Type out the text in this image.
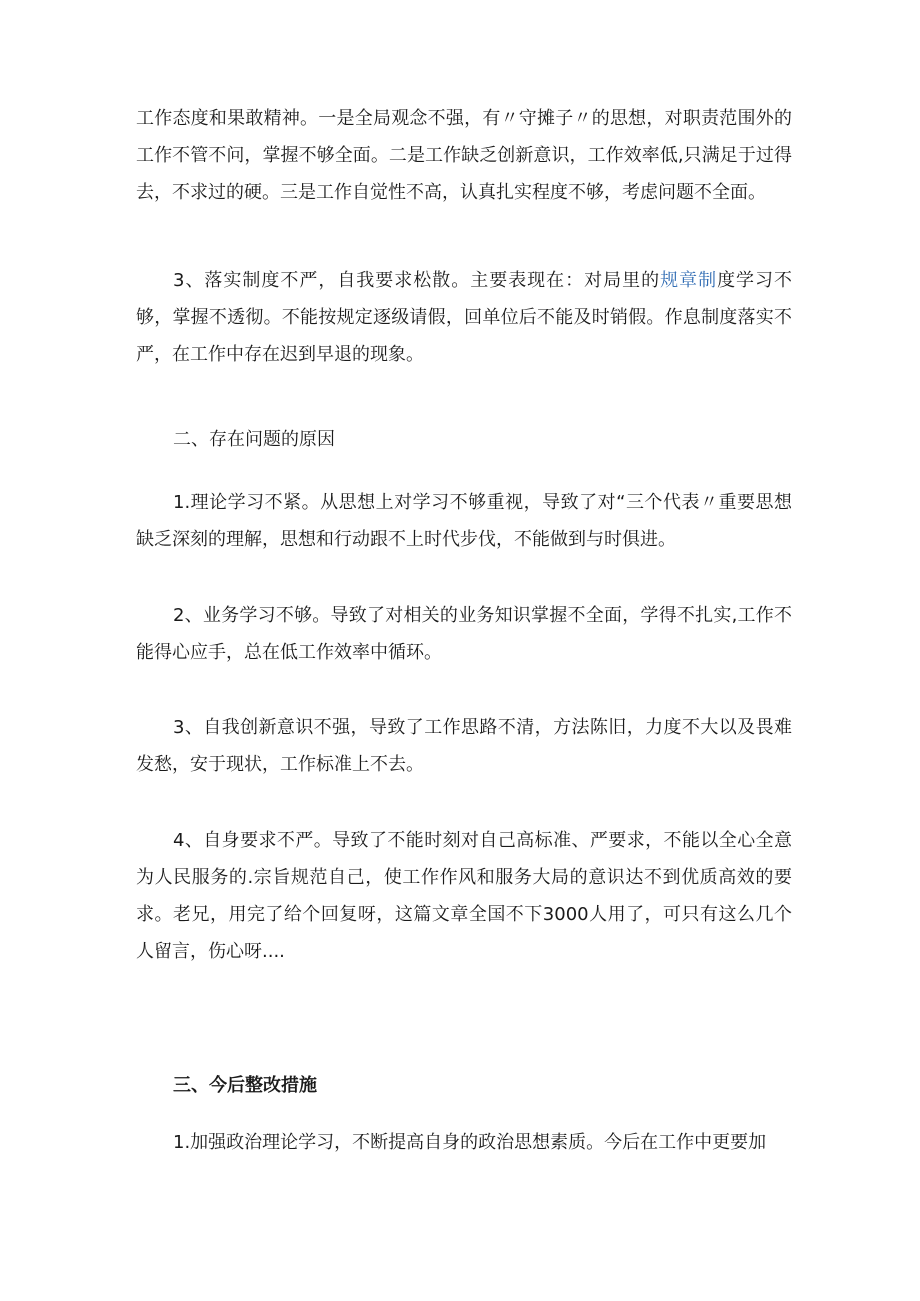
工作态度和果敢精神。一是全局观念不强，有〃守摊子〃的思想，对职责范围外的工作不管不问，掌握不够全面。二是工作缺乏创新意识，工作效率低,只满足于过得去，不求过的硬。三是工作自觉性不高，认真扎实程度不够，考虑问题不全面。

3、落实制度不严，自我要求松散。主要表现在：对局里的规章制度学习不够，掌握不透彻。不能按规定逐级请假，回单位后不能及时销假。作息制度落实不严，在工作中存在迟到早退的现象。

二、存在问题的原因

1.理论学习不紧。从思想上对学习不够重视，导致了对“三个代表〃重要思想缺乏深刻的理解，思想和行动跟不上时代步伐，不能做到与时俱进。

2、业务学习不够。导致了对相关的业务知识掌握不全面，学得不扎实,工作不能得心应手，总在低工作效率中循环。

3、自我创新意识不强，导致了工作思路不清，方法陈旧，力度不大以及畏难发愁，安于现状，工作标准上不去。

4、自身要求不严。导致了不能时刻对自己高标准、严要求，不能以全心全意为人民服务的.宗旨规范自己，使工作作风和服务大局的意识达不到优质高效的要求。老兄，用完了给个回复呀，这篇文章全国不下3000人用了，可只有这么几个人留言，伤心呀....

三、今后整改措施

1.加强政治理论学习，不断提高自身的政治思想素质。今后在工作中更要加
